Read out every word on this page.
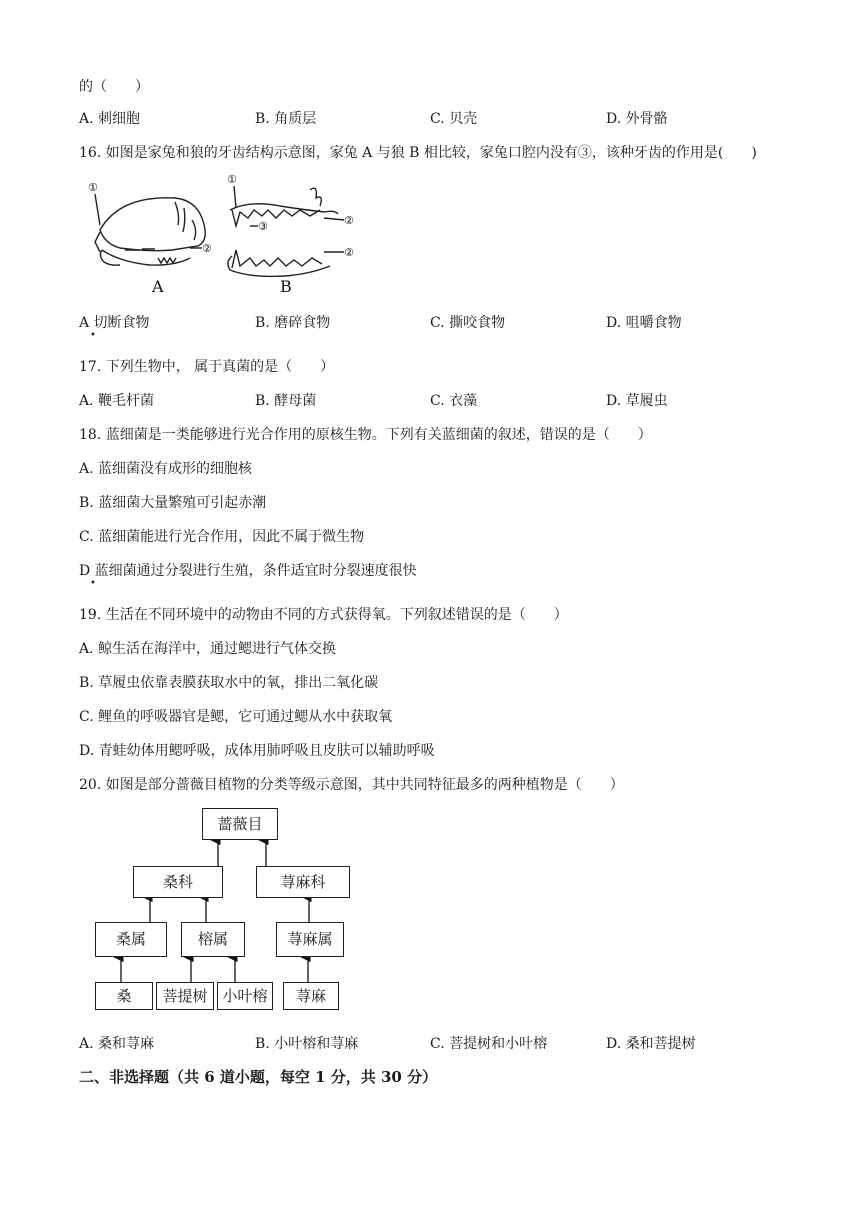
的（　　）
A. 刺细胞	B. 角质层	C. 贝壳	D. 外骨骼
16. 如图是家兔和狼的牙齿结构示意图，家兔 A 与狼 B 相比较，家兔口腔内没有③，该种牙齿的作用是(　　)
①
②
①
③	②
②
A	B
A 切断食物
•
B. 磨碎食物	C. 撕咬食物	D. 咀嚼食物
17. 下列生物中， 属于真菌的是（　　）
A. 鞭毛杆菌	B. 酵母菌	C. 衣藻	D. 草履虫
18. 蓝细菌是一类能够进行光合作用的原核生物。下列有关蓝细菌的叙述，错误的是（　　）
A. 蓝细菌没有成形的细胞核
B. 蓝细菌大量繁殖可引起赤潮
C. 蓝细菌能进行光合作用，因此不属于微生物
D 蓝细菌通过分裂进行生殖，条件适宜时分裂速度很快
•
19. 生活在不同环境中的动物由不同的方式获得氧。下列叙述错误的是（　　）
A. 鲸生活在海洋中，通过鳃进行气体交换
B. 草履虫依靠表膜获取水中的氧，排出二氧化碳
C. 鲤鱼的呼吸器官是鳃，它可通过鳃从水中获取氧
D. 青蛙幼体用鳃呼吸，成体用肺呼吸且皮肤可以辅助呼吸
20. 如图是部分蔷薇目植物的分类等级示意图，其中共同特征最多的两种植物是（　　）
蔷薇目
桑科	荨麻科
桑属	榕属	荨麻属
桑	菩提树 小叶榕	荨麻
A. 桑和荨麻	B. 小叶榕和荨麻	C. 菩提树和小叶榕	D. 桑和菩提树
二、非选择题（共 6 道小题，每空 1 分，共 30 分）
